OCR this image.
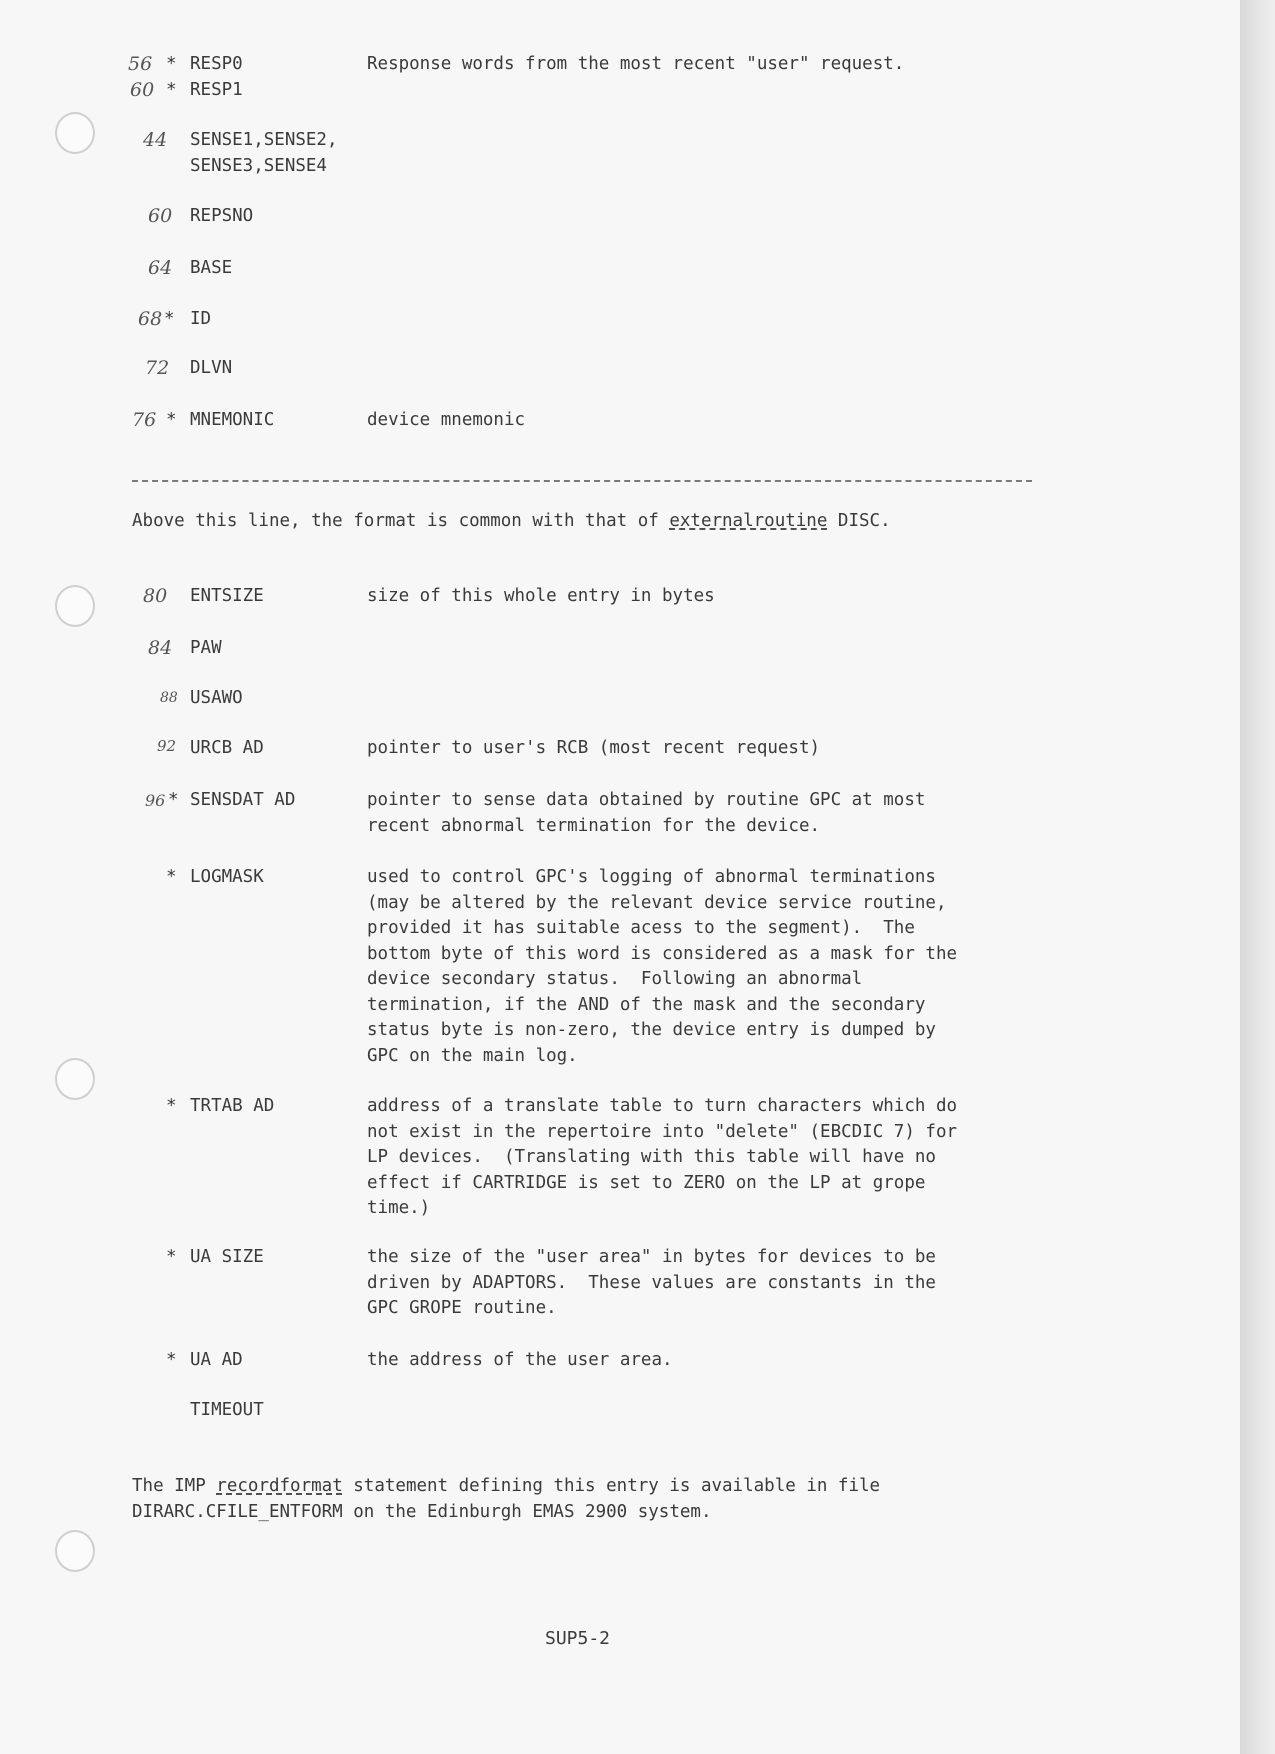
56 * RESP0	Response words from the most recent "user" request.
60 * RESP1
44 SENSE1,SENSE2,
SENSE3,SENSE4
60 REPSNO
64 BASE
68 * ID
72 DLVN
76 * MNEMONIC	device mnemonic
Above this line, the format is common with that of externalroutine DISC.
80 ENTSIZE	size of this whole entry in bytes
84 PAW
88 USAWO
92 URCB AD	pointer to user's RCB (most recent request)
96 * SENSDAT AD	pointer to sense data obtained by routine GPC at most
recent abnormal termination for the device.
* LOGMASK	used to control GPC's logging of abnormal terminations
(may be altered by the relevant device service routine,
provided it has suitable acess to the segment).  The
bottom byte of this word is considered as a mask for the
device secondary status.  Following an abnormal
termination, if the AND of the mask and the secondary
status byte is non-zero, the device entry is dumped by
GPC on the main log.
* TRTAB AD	address of a translate table to turn characters which do
not exist in the repertoire into "delete" (EBCDIC 7) for
LP devices.  (Translating with this table will have no
effect if CARTRIDGE is set to ZERO on the LP at grope
time.)
* UA SIZE	the size of the "user area" in bytes for devices to be
driven by ADAPTORS.  These values are constants in the
GPC GROPE routine.
* UA AD	the address of the user area.
TIMEOUT
The IMP recordformat statement defining this entry is available in file
DIRARC.CFILE_ENTFORM on the Edinburgh EMAS 2900 system.
SUP5-2
